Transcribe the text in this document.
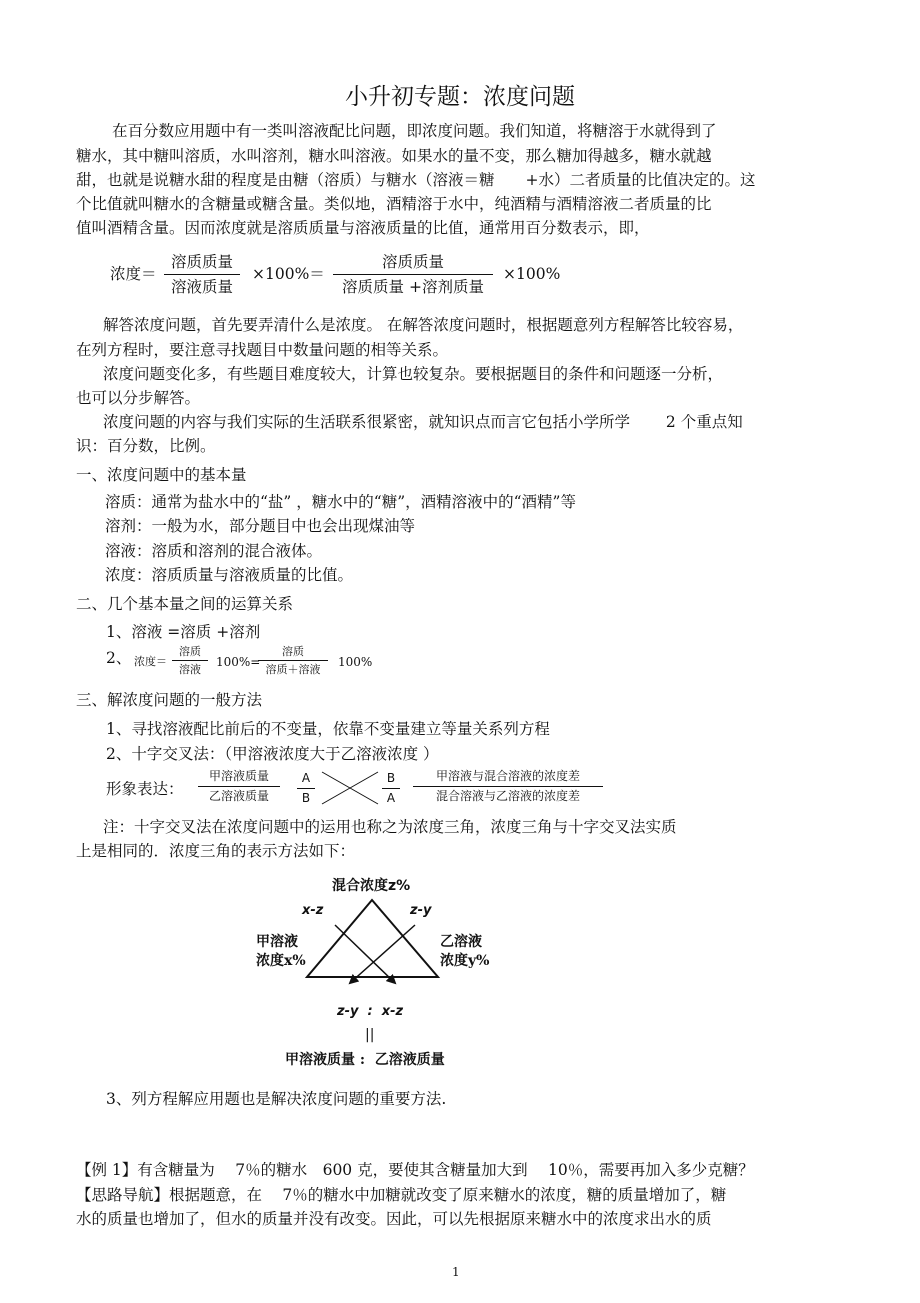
小升初专题：浓度问题
在百分数应用题中有一类叫溶液配比问题，即浓度问题。我们知道，将糖溶于水就得到了
糖水，其中糖叫溶质，水叫溶剂，糖水叫溶液。如果水的量不变，那么糖加得越多，糖水就越
甜，也就是说糖水甜的程度是由糖（溶质）与糖水（溶液＝糖　　+水）二者质量的比值决定的。这
个比值就叫糖水的含糖量或糖含量。类似地，酒精溶于水中，纯酒精与酒精溶液二者质量的比
值叫酒精含量。因而浓度就是溶质质量与溶液质量的比值，通常用百分数表示，即，
浓度＝
溶质质量
溶液质量
×100%＝
溶质质量
溶质质量 +溶剂质量
×100%
解答浓度问题，首先要弄清什么是浓度。 在解答浓度问题时，根据题意列方程解答比较容易，
在列方程时，要注意寻找题目中数量问题的相等关系。
浓度问题变化多，有些题目难度较大，计算也较复杂。要根据题目的条件和问题逐一分析，
也可以分步解答。
浓度问题的内容与我们实际的生活联系很紧密，就知识点而言它包括小学所学　　 2 个重点知
识：百分数，比例。
一、浓度问题中的基本量
溶质：通常为盐水中的“盐” ，糖水中的“糖”，酒精溶液中的“酒精”等
溶剂：一般为水，部分题目中也会出现煤油等
溶液：溶质和溶剂的混合液体。
浓度：溶质质量与溶液质量的比值。
二、几个基本量之间的运算关系
1、溶液 =溶质 +溶剂
2、 浓度＝
溶质
溶液
100%=
溶质
溶质＋溶液
100%
三、解浓度问题的一般方法
1、寻找溶液配比前后的不变量，依靠不变量建立等量关系列方程
2、十字交叉法：（甲溶液浓度大于乙溶液浓度 ）
形象表达：
甲溶液质量
乙溶液质量	$\frac{A}{B}$	$\frac{B}{A}$	甲溶液与混合溶液的浓度差
混合溶液与乙溶液的浓度差
注：十字交叉法在浓度问题中的运用也称之为浓度三角，浓度三角与十字交叉法实质
上是相同的．浓度三角的表示方法如下：
混合浓度z%
x-z	z-y
甲溶液
浓度x%
乙溶液
浓度y%
z-y  :  x-z
||
甲溶液质量 :  乙溶液质量
3、列方程解应用题也是解决浓度问题的重要方法.
【例 1】有含糖量为　 7％的糖水　600 克，要使其含糖量加大到　 10％，需要再加入多少克糖？
【思路导航】根据题意，在　 7％的糖水中加糖就改变了原来糖水的浓度，糖的质量增加了，糖
水的质量也增加了，但水的质量并没有改变。因此，可以先根据原来糖水中的浓度求出水的质
1
